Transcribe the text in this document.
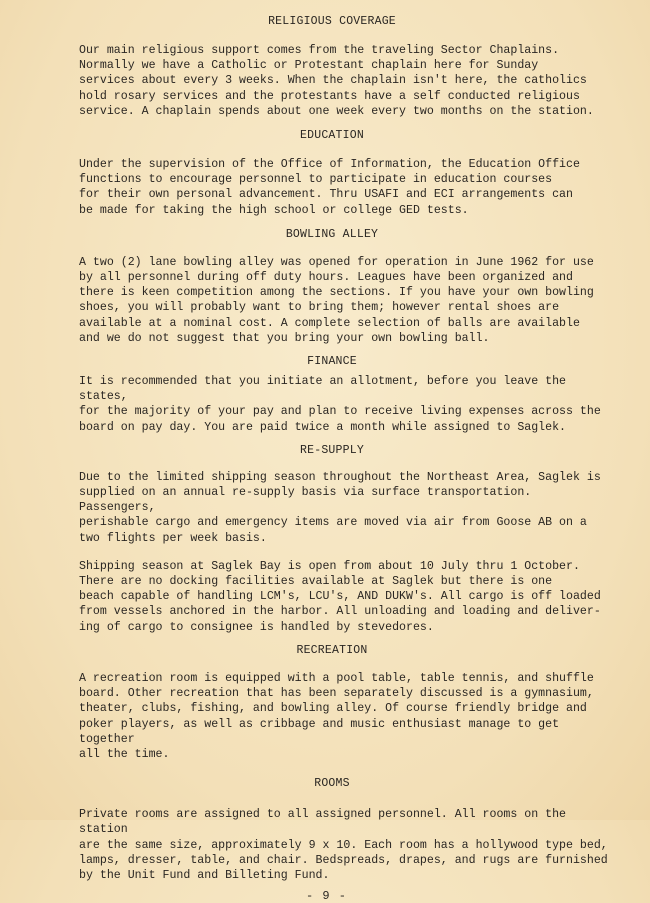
RELIGIOUS COVERAGE

Our main religious support comes from the traveling Sector Chaplains.
Normally we have a Catholic or Protestant chaplain here for Sunday
services about every 3 weeks. When the chaplain isn't here, the catholics
hold rosary services and the protestants have a self conducted religious
service. A chaplain spends about one week every two months on the station.

EDUCATION

Under the supervision of the Office of Information, the Education Office
functions to encourage personnel to participate in education courses
for their own personal advancement. Thru USAFI and ECI arrangements can
be made for taking the high school or college GED tests.

BOWLING ALLEY

A two (2) lane bowling alley was opened for operation in June 1962 for use
by all personnel during off duty hours. Leagues have been organized and
there is keen competition among the sections. If you have your own bowling
shoes, you will probably want to bring them; however rental shoes are
available at a nominal cost. A complete selection of balls are available
and we do not suggest that you bring your own bowling ball.

FINANCE

It is recommended that you initiate an allotment, before you leave the states,
for the majority of your pay and plan to receive living expenses across the
board on pay day. You are paid twice a month while assigned to Saglek.

RE-SUPPLY

Due to the limited shipping season throughout the Northeast Area, Saglek is
supplied on an annual re-supply basis via surface transportation. Passengers,
perishable cargo and emergency items are moved via air from Goose AB on a
two flights per week basis.

Shipping season at Saglek Bay is open from about 10 July thru 1 October.
There are no docking facilities available at Saglek but there is one
beach capable of handling LCM's, LCU's, AND DUKW's. All cargo is off loaded
from vessels anchored in the harbor. All unloading and loading and deliver-
ing of cargo to consignee is handled by stevedores.

RECREATION

A recreation room is equipped with a pool table, table tennis, and shuffle
board. Other recreation that has been separately discussed is a gymnasium,
theater, clubs, fishing, and bowling alley. Of course friendly bridge and
poker players, as well as cribbage and music enthusiast manage to get together
all the time.

ROOMS

Private rooms are assigned to all assigned personnel. All rooms on the station
are the same size, approximately 9 x 10. Each room has a hollywood type bed,
lamps, dresser, table, and chair. Bedspreads, drapes, and rugs are furnished
by the Unit Fund and Billeting Fund.

- 9 -
